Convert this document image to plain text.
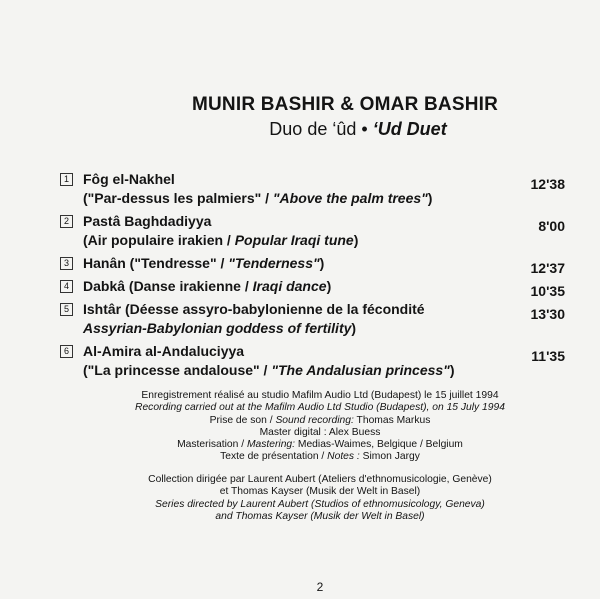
MUNIR BASHIR & OMAR BASHIR
Duo de ‘ûd • ‘Ud Duet
1 Fôg el-Nakhel
("Par-dessus les palmiers" / "Above the palm trees")
12'38
2 Pastâ Baghdadiyya
(Air populaire irakien / Popular Iraqi tune)
8'00
3 Hanân ("Tendresse" / "Tenderness")	12'37
4 Dabkâ (Danse irakienne / Iraqi dance)	10'35
5 Ishtâr (Déesse assyro-babylonienne de la fécondité
Assyrian-Babylonian goddess of fertility)
13'30
6 Al-Amira al-Andaluciyya
("La princesse andalouse" / "The Andalusian princess")
11'35
Enregistrement réalisé au studio Mafilm Audio Ltd (Budapest) le 15 juillet 1994
Recording carried out at the Mafilm Audio Ltd Studio (Budapest), on 15 July 1994
Prise de son / Sound recording: Thomas Markus
Master digital : Alex Buess
Masterisation / Mastering: Medias-Waimes, Belgique / Belgium
Texte de présentation / Notes : Simon Jargy
Collection dirigée par Laurent Aubert (Ateliers d'ethnomusicologie, Genève)
et Thomas Kayser (Musik der Welt in Basel)
Series directed by Laurent Aubert (Studios of ethnomusicology, Geneva)
and Thomas Kayser (Musik der Welt in Basel)
2
